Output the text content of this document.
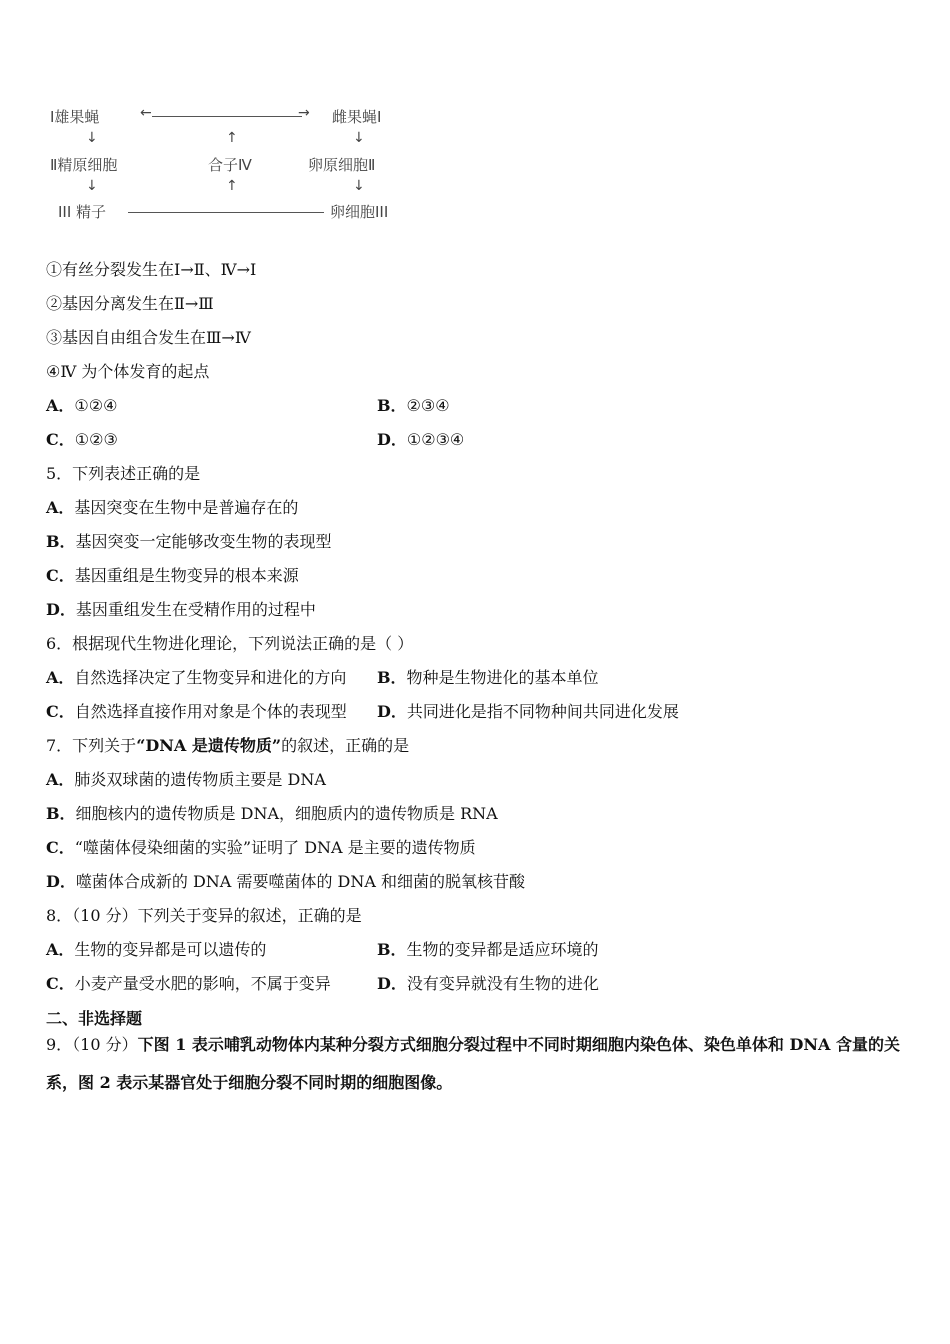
Ⅰ雄果蝇	←	→ 雌果蝇Ⅰ
↓	↑	↓
Ⅱ精原细胞	合子Ⅳ	卵原细胞Ⅱ
↓	↑	↓
III 精子	卵细胞III
①有丝分裂发生在Ⅰ→Ⅱ、Ⅳ→Ⅰ
②基因分离发生在Ⅱ→Ⅲ
③基因自由组合发生在Ⅲ→Ⅳ
④Ⅳ 为个体发育的起点
A．①②④	B．②③④
C．①②③	D．①②③④
5．下列表述正确的是
A．基因突变在生物中是普遍存在的
B．基因突变一定能够改变生物的表现型
C．基因重组是生物变异的根本来源
D．基因重组发生在受精作用的过程中
6．根据现代生物进化理论，下列说法正确的是（ ）
A．自然选择决定了生物变异和进化的方向 B．物种是生物进化的基本单位
C．自然选择直接作用对象是个体的表现型 D．共同进化是指不同物种间共同进化发展
7．下列关于“DNA 是遗传物质”的叙述，正确的是
A．肺炎双球菌的遗传物质主要是 DNA
B．细胞核内的遗传物质是 DNA，细胞质内的遗传物质是 RNA
C．“噬菌体侵染细菌的实验”证明了 DNA 是主要的遗传物质
D．噬菌体合成新的 DNA 需要噬菌体的 DNA 和细菌的脱氧核苷酸
8．（10 分）下列关于变异的叙述，正确的是
A．生物的变异都是可以遗传的	B．生物的变异都是适应环境的
C．小麦产量受水肥的影响，不属于变异	D．没有变异就没有生物的进化
二、非选择题
9．（10 分）下图 1 表示哺乳动物体内某种分裂方式细胞分裂过程中不同时期细胞内染色体、染色单体和 DNA 含量的关系，图 2 表示某器官处于细胞分裂不同时期的细胞图像。
